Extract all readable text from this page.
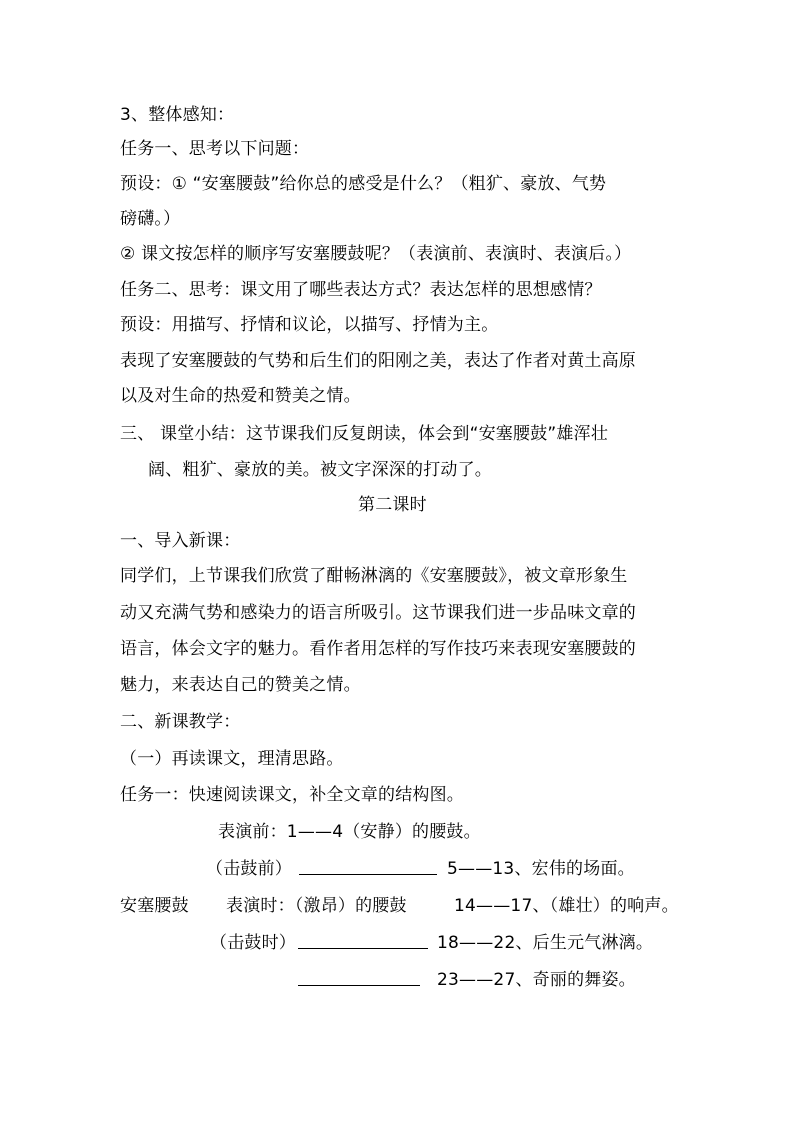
3、整体感知：
任务一、思考以下问题：
预设：① “安塞腰鼓”给你总的感受是什么？（粗犷、豪放、气势
磅礴。）
② 课文按怎样的顺序写安塞腰鼓呢？（表演前、表演时、表演后。）
任务二、思考：课文用了哪些表达方式？表达怎样的思想感情？
预设：用描写、抒情和议论，以描写、抒情为主。
表现了安塞腰鼓的气势和后生们的阳刚之美，表达了作者对黄土高原
以及对生命的热爱和赞美之情。
三、 课堂小结：这节课我们反复朗读，体会到“安塞腰鼓”雄浑壮
阔、粗犷、豪放的美。被文字深深的打动了。
第二课时
一、导入新课：
同学们，上节课我们欣赏了酣畅淋漓的《安塞腰鼓》，被文章形象生
动又充满气势和感染力的语言所吸引。这节课我们进一步品味文章的
语言，体会文字的魅力。看作者用怎样的写作技巧来表现安塞腰鼓的
魅力，来表达自己的赞美之情。
二、新课教学：
（一）再读课文，理清思路。
任务一：快速阅读课文，补全文章的结构图。
表演前：1——4（安静）的腰鼓。
（击鼓前）	5——13、宏伟的场面。
安塞腰鼓 表演时：（激昂）的腰鼓	14——17、（雄壮）的响声。
（击鼓时）	18——22、后生元气淋漓。
23——27、奇丽的舞姿。
